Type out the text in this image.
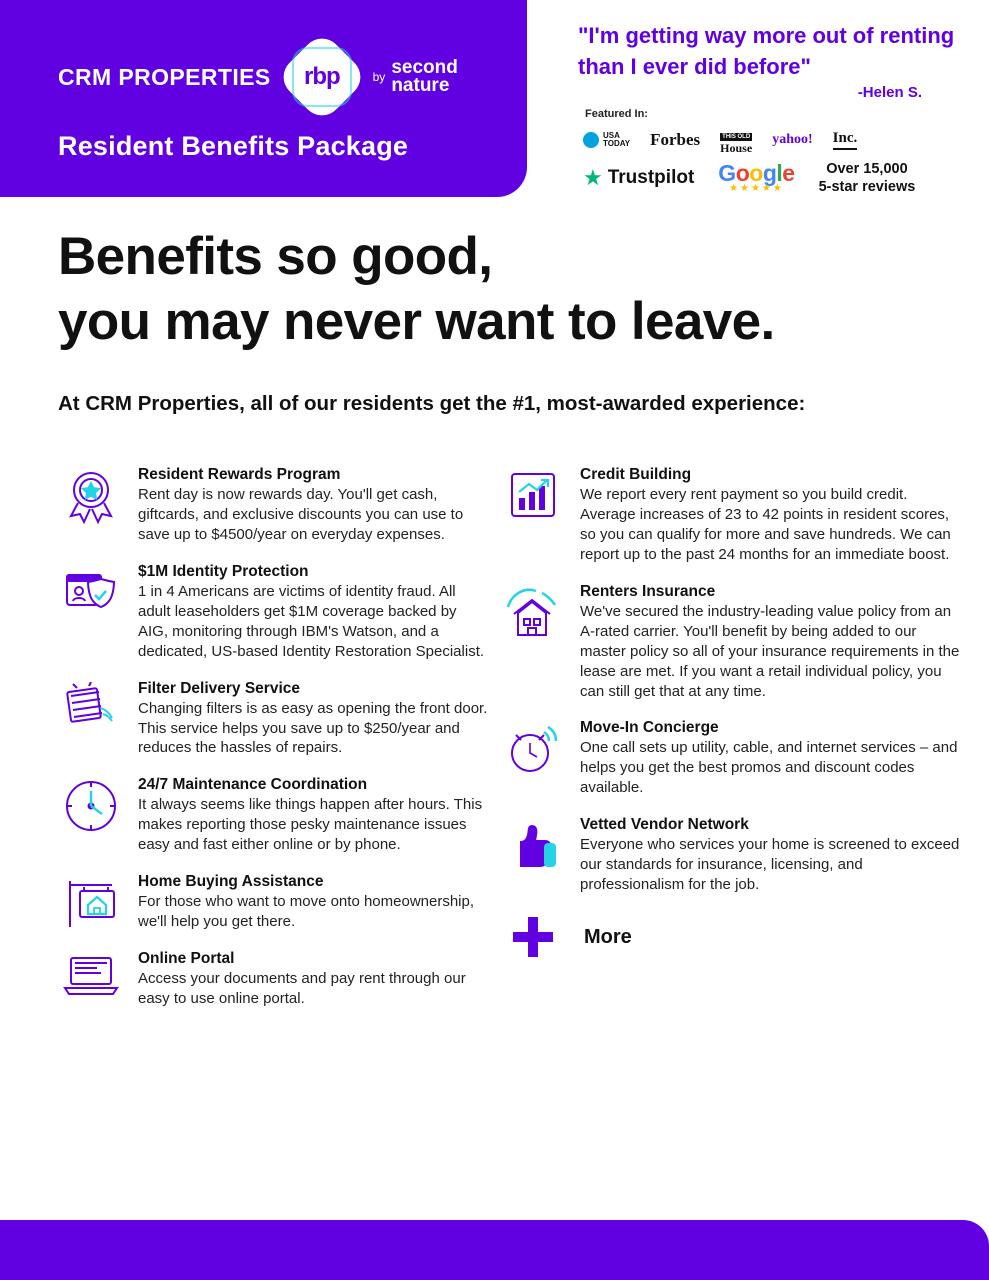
CRM PROPERTIES rbp	by second
nature
Resident Benefits Package
"I'm getting way more out of renting than I ever did before"
-Helen S.
Featured In:
USA
TODAY Forbes	THIS OLD
House
yahoo! Inc.
★ Trustpilot Google
★★★★★
Over 15,000
5-star reviews
Benefits so good,
you may never want to leave.
At CRM Properties, all of our residents get the #1, most-awarded experience:
Resident Rewards Program
Rent day is now rewards day. You'll get cash, giftcards, and exclusive discounts you can use to save up to $4500/year on everyday expenses.
$1M Identity Protection
1 in 4 Americans are victims of identity fraud. All adult leaseholders get $1M coverage backed by AIG, monitoring through IBM's Watson, and a dedicated, US-based Identity Restoration Specialist.
Filter Delivery Service
Changing filters is as easy as opening the front door. This service helps you save up to $250/year and reduces the hassles of repairs.
24/7 Maintenance Coordination
It always seems like things happen after hours. This makes reporting those pesky maintenance issues easy and fast either online or by phone.
Home Buying Assistance
For those who want to move onto homeownership, we'll help you get there.
Online Portal
Access your documents and pay rent through our easy to use online portal.
Credit Building
We report every rent payment so you build credit. Average increases of 23 to 42 points in resident scores, so you can qualify for more and save hundreds. We can report up to the past 24 months for an immediate boost.
Renters Insurance
We've secured the industry-leading value policy from an A-rated carrier. You'll benefit by being added to our master policy so all of your insurance requirements in the lease are met. If you want a retail individual policy, you can still get that at any time.
Move-In Concierge
One call sets up utility, cable, and internet services – and helps you get the best promos and discount codes available.
Vetted Vendor Network
Everyone who services your home is screened to exceed our standards for insurance, licensing, and professionalism for the job.
More
